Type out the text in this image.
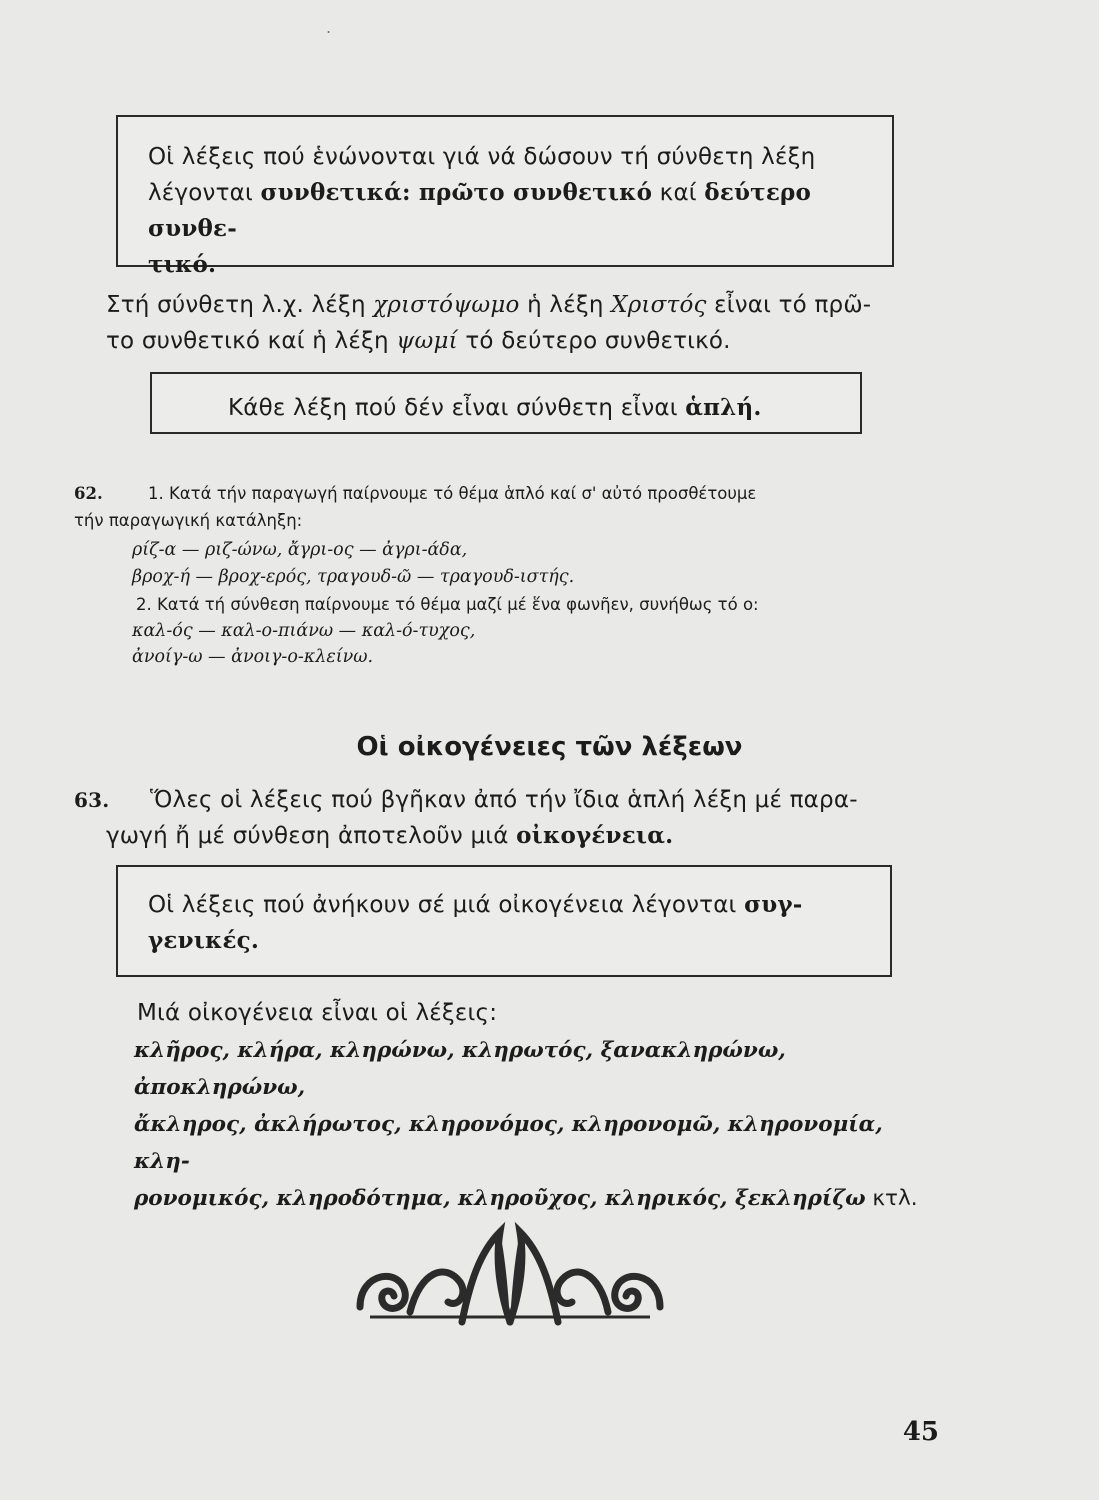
.
Οἱ λέξεις πού ἑνώνονται γιά νά δώσουν τή σύνθετη λέξη
λέγονται συνθετικά: πρῶτο συνθετικό καί δεύτερο συνθε-
τικό.
Στή σύνθετη λ.χ. λέξη χριστόψωμο ἡ λέξη Χριστός εἶναι τό πρῶ-
το συνθετικό καί ἡ λέξη ψωμί τό δεύτερο συνθετικό.
Κάθε λέξη πού δέν εἶναι σύνθετη εἶναι ἁπλή.
62.	1. Κατά τήν παραγωγή παίρνουμε τό θέμα ἁπλό καί σ' αὐτό προσθέτουμε
τήν παραγωγική κατάληξη:
ρίζ-α — ριζ-ώνω, ἄγρι-ος — ἀγρι-άδα,
βροχ-ή — βροχ-ερός, τραγουδ-ῶ — τραγουδ-ιστής.
2. Κατά τή σύνθεση παίρνουμε τό θέμα μαζί μέ ἕνα φωνῆεν, συνήθως τό ο:
καλ-ός — καλ-ο-πιάνω — καλ-ό-τυχος,
ἀνοίγ-ω — ἀνοιγ-ο-κλείνω.
Οἱ οἰκογένειες τῶν λέξεων
63. Ὅλες οἱ λέξεις πού βγῆκαν ἀπό τήν ἴδια ἁπλή λέξη μέ παρα-
γωγή ἤ μέ σύνθεση ἀποτελοῦν μιά οἰκογένεια.
Οἱ λέξεις πού ἀνήκουν σέ μιά οἰκογένεια λέγονται συγ-
γενικές.
Μιά οἰκογένεια εἶναι οἱ λέξεις:
κλῆρος, κλήρα, κληρώνω, κληρωτός, ξανακληρώνω, ἀποκληρώνω,
ἄκληρος, ἀκλήρωτος, κληρονόμος, κληρονομῶ, κληρονομία, κλη-
ρονομικός, κληροδότημα, κληροῦχος, κληρικός, ξεκληρίζω κτλ.
45
